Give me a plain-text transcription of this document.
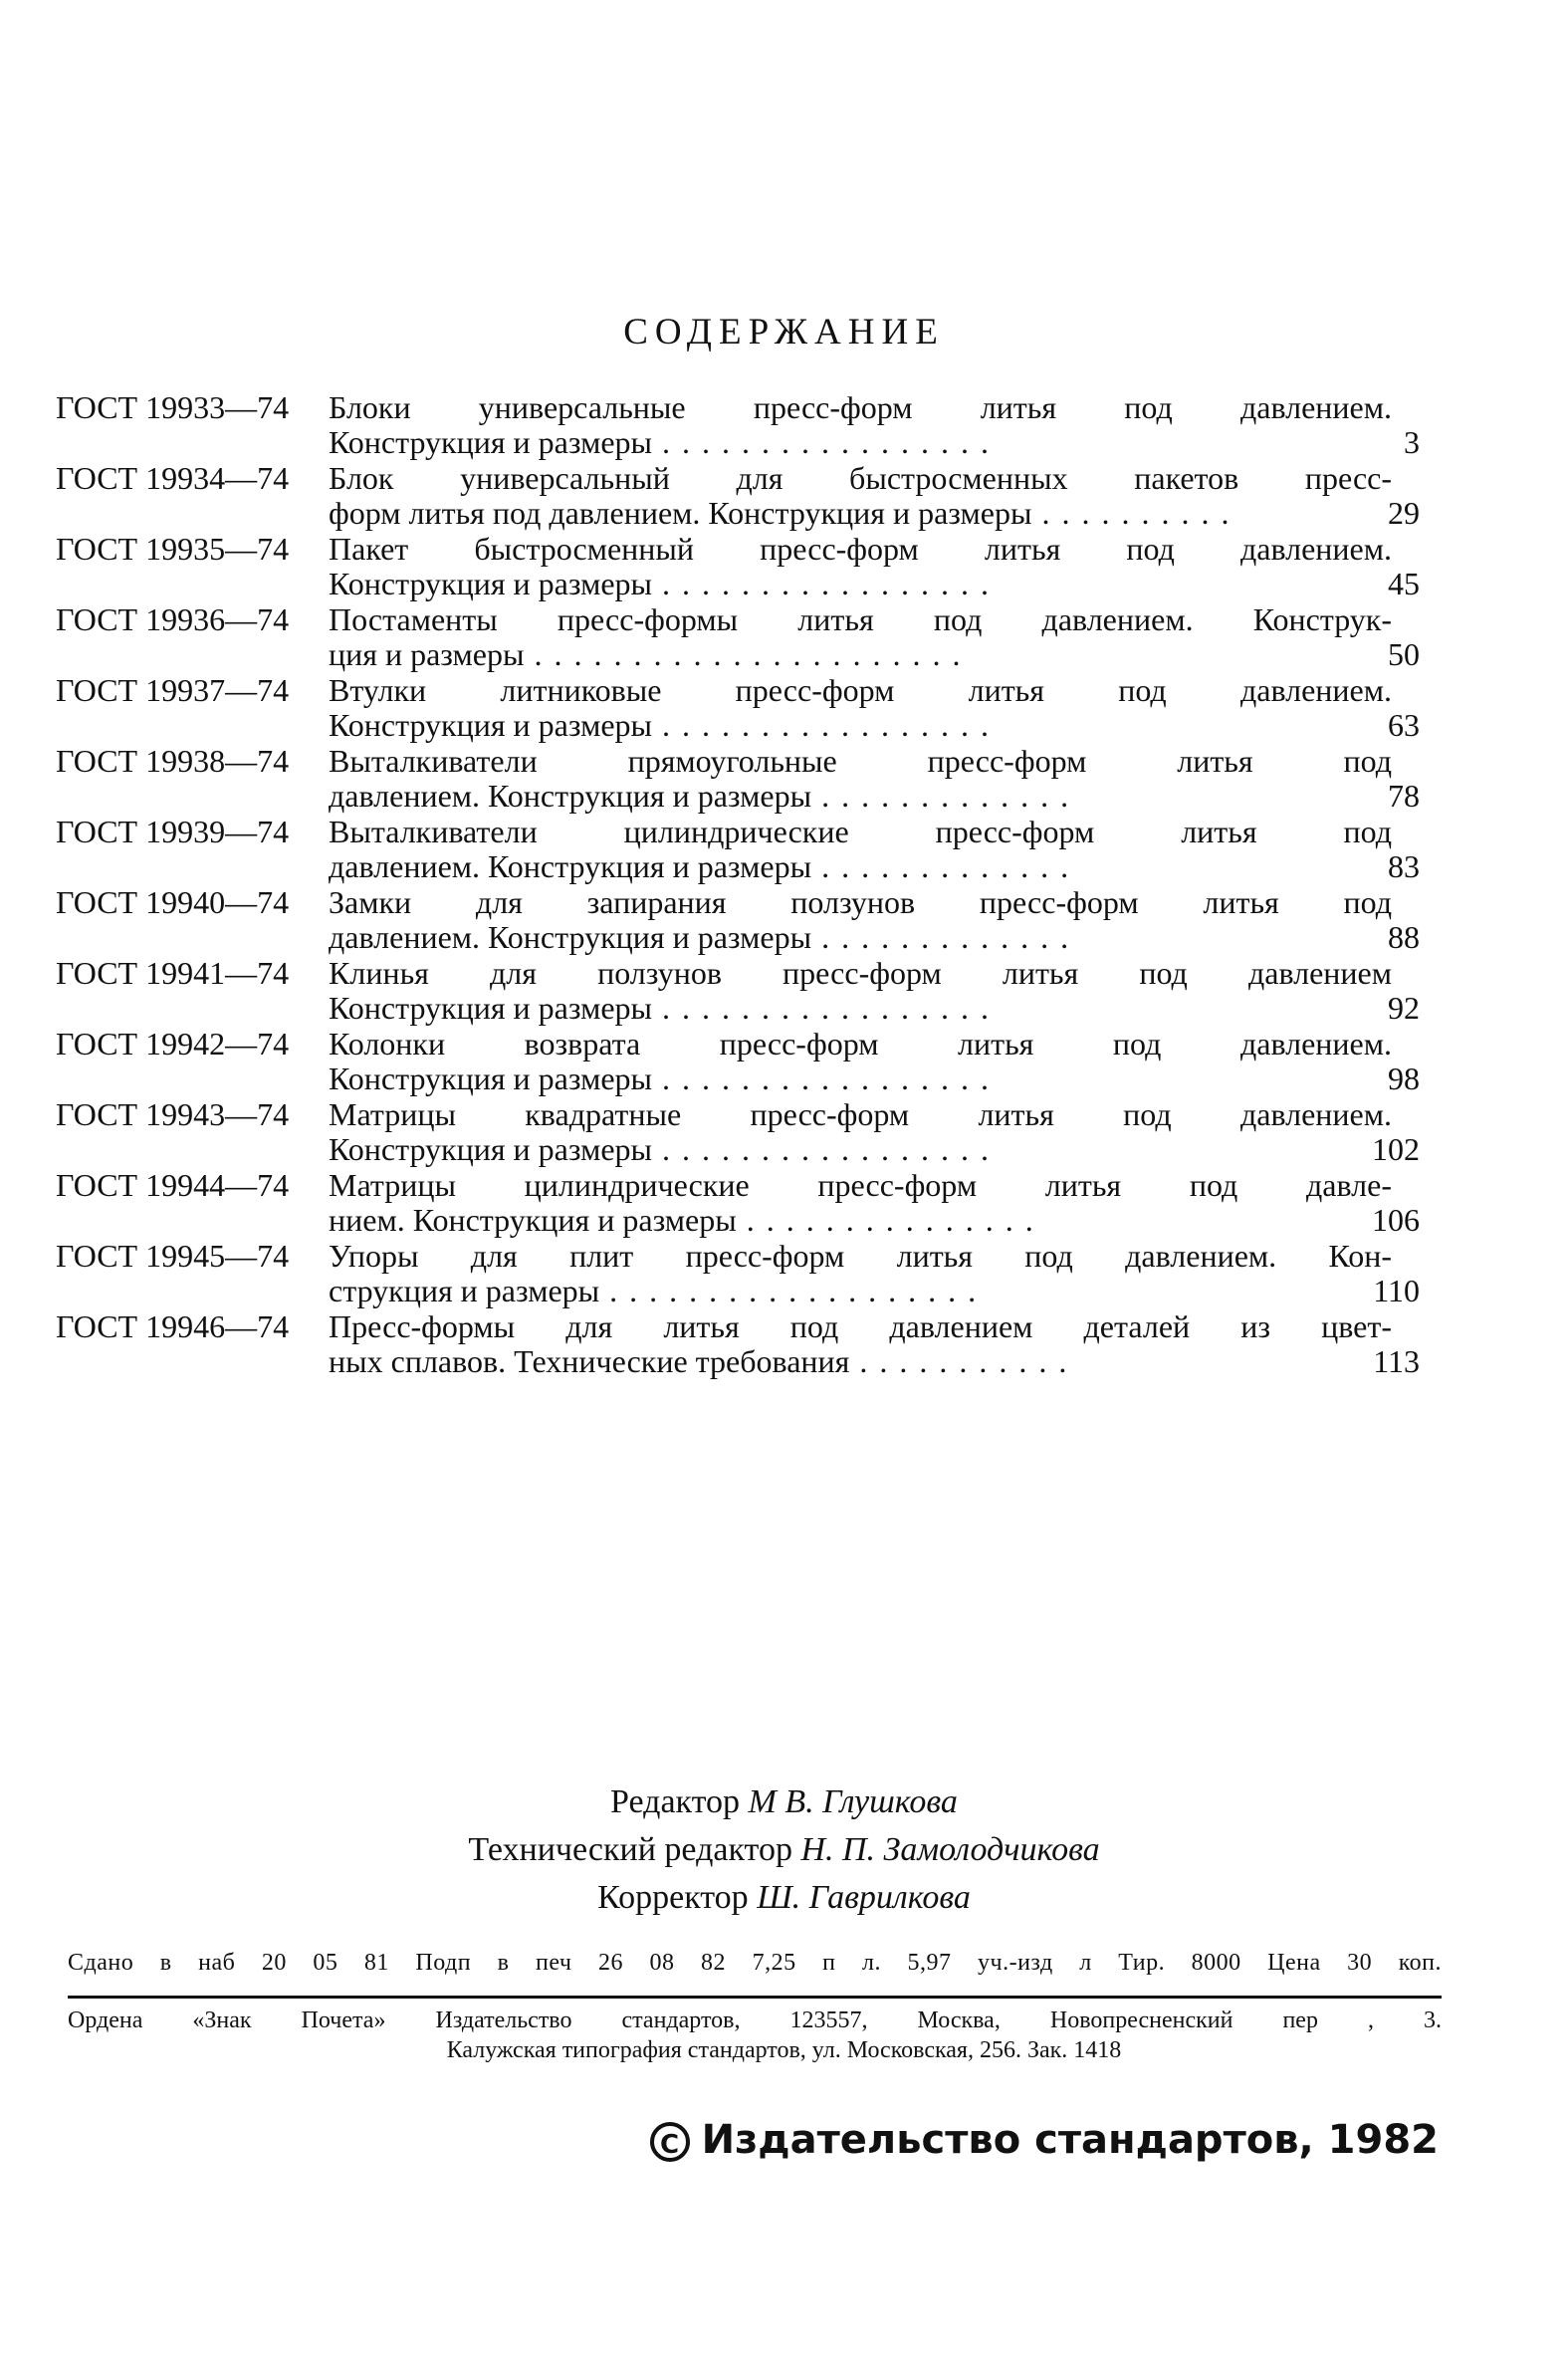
СОДЕРЖАНИЕ
ГОСТ 19933—74	Блоки универсальные пресс-форм литья под давлением.
Конструкция и размеры . . . . . . . . . . . . . . . . .	3
ГОСТ 19934—74	Блок универсальный для быстросменных пакетов пресс-
форм литья под давлением. Конструкция и размеры . . . . . . . . . .	29
ГОСТ 19935—74	Пакет быстросменный пресс-форм литья под давлением.
Конструкция и размеры . . . . . . . . . . . . . . . . .	45
ГОСТ 19936—74	Постаменты пресс-формы литья под давлением. Конструк-
ция и размеры . . . . . . . . . . . . . . . . . . . . . .	50
ГОСТ 19937—74	Втулки литниковые пресс-форм литья под давлением.
Конструкция и размеры . . . . . . . . . . . . . . . . .	63
ГОСТ 19938—74	Выталкиватели прямоугольные пресс-форм литья под
давлением. Конструкция и размеры . . . . . . . . . . . . .	78
ГОСТ 19939—74	Выталкиватели цилиндрические пресс-форм литья под
давлением. Конструкция и размеры . . . . . . . . . . . . .	83
ГОСТ 19940—74	Замки для запирания ползунов пресс-форм литья под
давлением. Конструкция и размеры . . . . . . . . . . . . .	88
ГОСТ 19941—74	Клинья для ползунов пресс-форм литья под давлением
Конструкция и размеры . . . . . . . . . . . . . . . . .	92
ГОСТ 19942—74	Колонки возврата пресс-форм литья под давлением.
Конструкция и размеры . . . . . . . . . . . . . . . . .	98
ГОСТ 19943—74	Матрицы квадратные пресс-форм литья под давлением.
Конструкция и размеры . . . . . . . . . . . . . . . . .	102
ГОСТ 19944—74	Матрицы цилиндрические пресс-форм литья под давле-
нием. Конструкция и размеры . . . . . . . . . . . . . . .	106
ГОСТ 19945—74	Упоры для плит пресс-форм литья под давлением. Кон-
струкция и размеры . . . . . . . . . . . . . . . . . . .	110
ГОСТ 19946—74	Пресс-формы для литья под давлением деталей из цвет-
ных сплавов. Технические требования . . . . . . . . . . .	113
Редактор М В. Глушкова
Технический редактор Н. П. Замолодчикова
Корректор Ш. Гаврилкова
Сдано в наб 20 05 81 Подп в печ 26 08 82 7,25 п л. 5,97 уч.-изд л Тир. 8000 Цена 30 коп.
Ордена «Знак Почета» Издательство стандартов, 123557, Москва, Новопресненский пер , 3.
Калужская типография стандартов, ул. Московская, 256. Зак. 1418
C Издательство стандартов, 1982
